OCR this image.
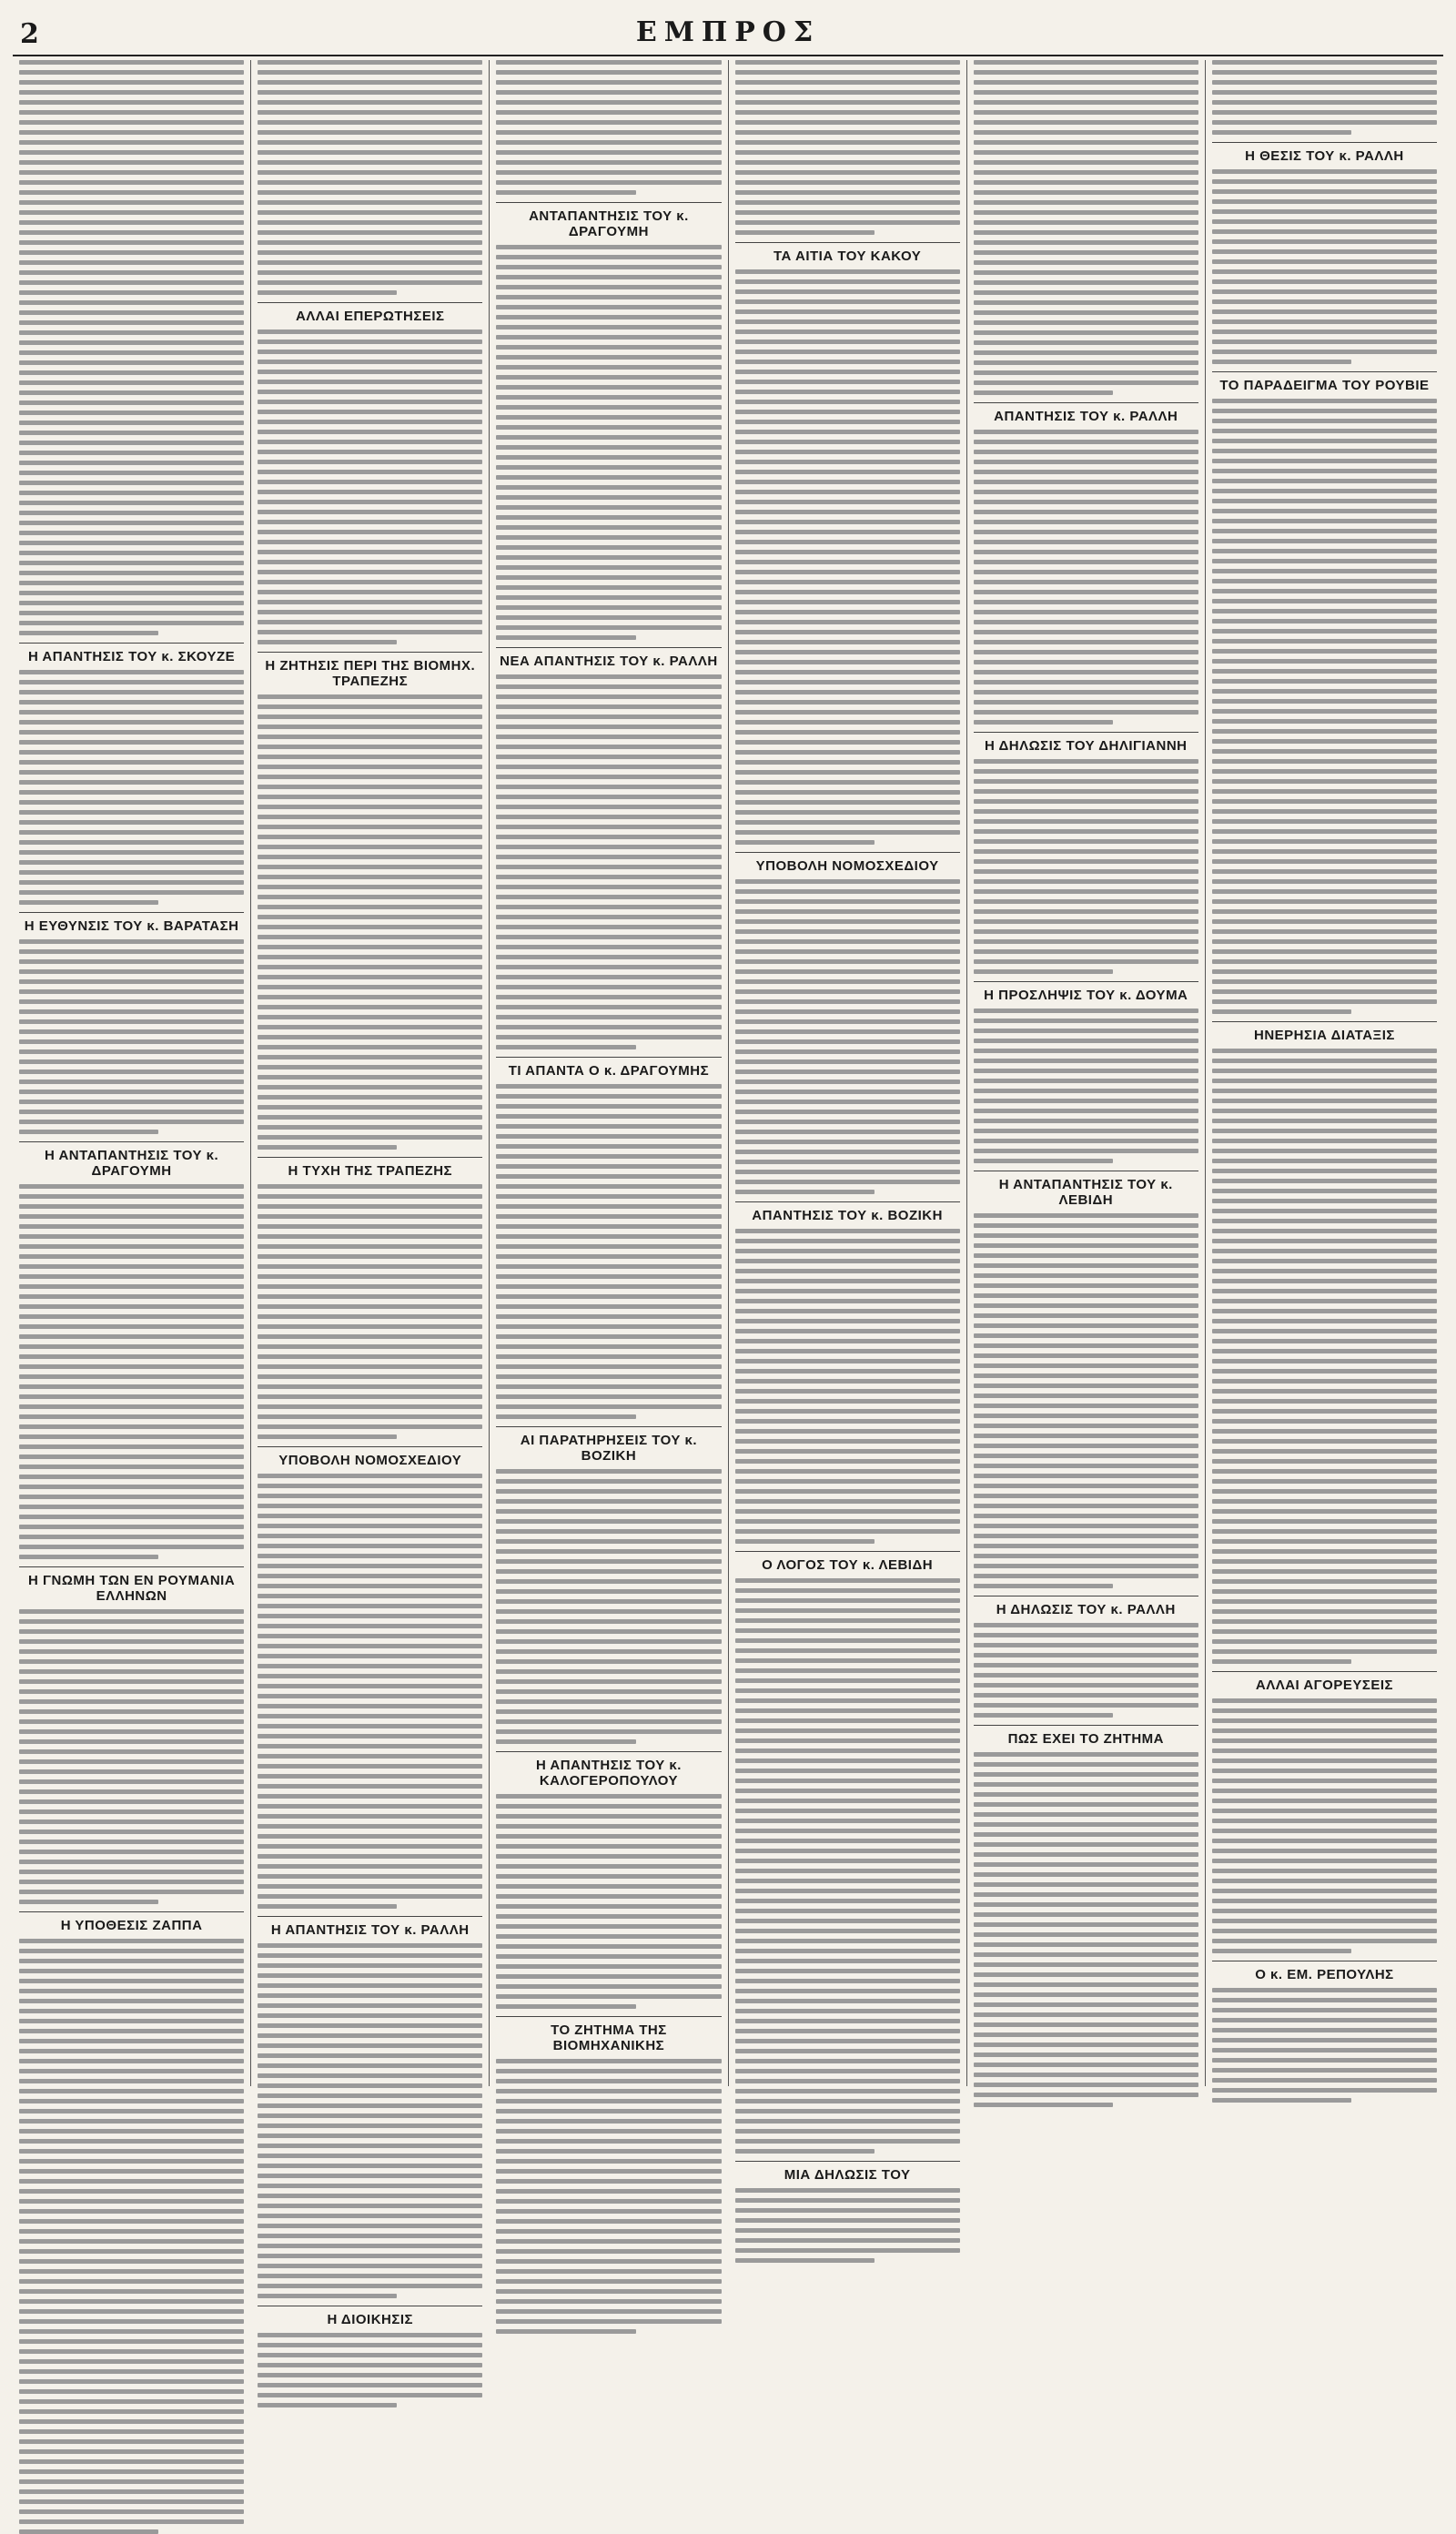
2	ΕΜΠΡΟΣ
Η ΑΠΑΝΤΗΣΙΣ ΤΟΥ κ. ΣΚΟΥΖΕ
Η ΕΥΘΥΝΣΙΣ ΤΟΥ κ. ΒΑΡΑΤΑΣΗ
Η ΑΝΤΑΠΑΝΤΗΣΙΣ ΤΟΥ κ. ΔΡΑΓΟΥΜΗ
Η ΓΝΩΜΗ ΤΩΝ ΕΝ ΡΟΥΜΑΝΙΑ ΕΛΛΗΝΩΝ
Η ΥΠΟΘΕΣΙΣ ΖΑΠΠΑ
ΑΛΛΑΙ ΕΠΕΡΩΤΗΣΕΙΣ
Η ΖΗΤΗΣΙΣ ΠΕΡΙ ΤΗΣ ΒΙΟΜΗΧ. ΤΡΑΠΕΖΗΣ
Η ΤΥΧΗ ΤΗΣ ΤΡΑΠΕΖΗΣ
ΥΠΟΒΟΛΗ ΝΟΜΟΣΧΕΔΙΟΥ
Η ΑΠΑΝΤΗΣΙΣ ΤΟΥ κ. ΡΑΛΛΗ
Η ΔΙΟΙΚΗΣΙΣ
ΑΝΤΑΠΑΝΤΗΣΙΣ ΤΟΥ κ. ΔΡΑΓΟΥΜΗ
ΝΕΑ ΑΠΑΝΤΗΣΙΣ ΤΟΥ κ. ΡΑΛΛΗ
ΤΙ ΑΠΑΝΤΑ Ο κ. ΔΡΑΓΟΥΜΗΣ
ΑΙ ΠΑΡΑΤΗΡΗΣΕΙΣ ΤΟΥ κ. ΒΟΖΙΚΗ
Η ΑΠΑΝΤΗΣΙΣ ΤΟΥ κ. ΚΑΛΟΓΕΡΟΠΟΥΛΟΥ
ΤΟ ΖΗΤΗΜΑ ΤΗΣ ΒΙΟΜΗΧΑΝΙΚΗΣ
ΤΑ ΑΙΤΙΑ ΤΟΥ ΚΑΚΟΥ
ΥΠΟΒΟΛΗ ΝΟΜΟΣΧΕΔΙΟΥ
ΑΠΑΝΤΗΣΙΣ ΤΟΥ κ. ΒΟΖΙΚΗ
Ο ΛΟΓΟΣ ΤΟΥ κ. ΛΕΒΙΔΗ
ΜΙΑ ΔΗΛΩΣΙΣ ΤΟΥ
ΑΠΑΝΤΗΣΙΣ ΤΟΥ κ. ΡΑΛΛΗ
Η ΔΗΛΩΣΙΣ ΤΟΥ ΔΗΛΙΓΙΑΝΝΗ
Η ΠΡΟΣΛΗΨΙΣ ΤΟΥ κ. ΔΟΥΜΑ
Η ΑΝΤΑΠΑΝΤΗΣΙΣ ΤΟΥ κ. ΛΕΒΙΔΗ
Η ΔΗΛΩΣΙΣ ΤΟΥ κ. ΡΑΛΛΗ
ΠΩΣ ΕΧΕΙ ΤΟ ΖΗΤΗΜΑ
Η ΘΕΣΙΣ ΤΟΥ κ. ΡΑΛΛΗ
ΤΟ ΠΑΡΑΔΕΙΓΜΑ ΤΟΥ ΡΟΥΒΙΕ
ΗΝΕΡΗΣΙΑ ΔΙΑΤΑΞΙΣ
ΑΛΛΑΙ ΑΓΟΡΕΥΣΕΙΣ
Ο κ. ΕΜ. ΡΕΠΟΥΛΗΣ
